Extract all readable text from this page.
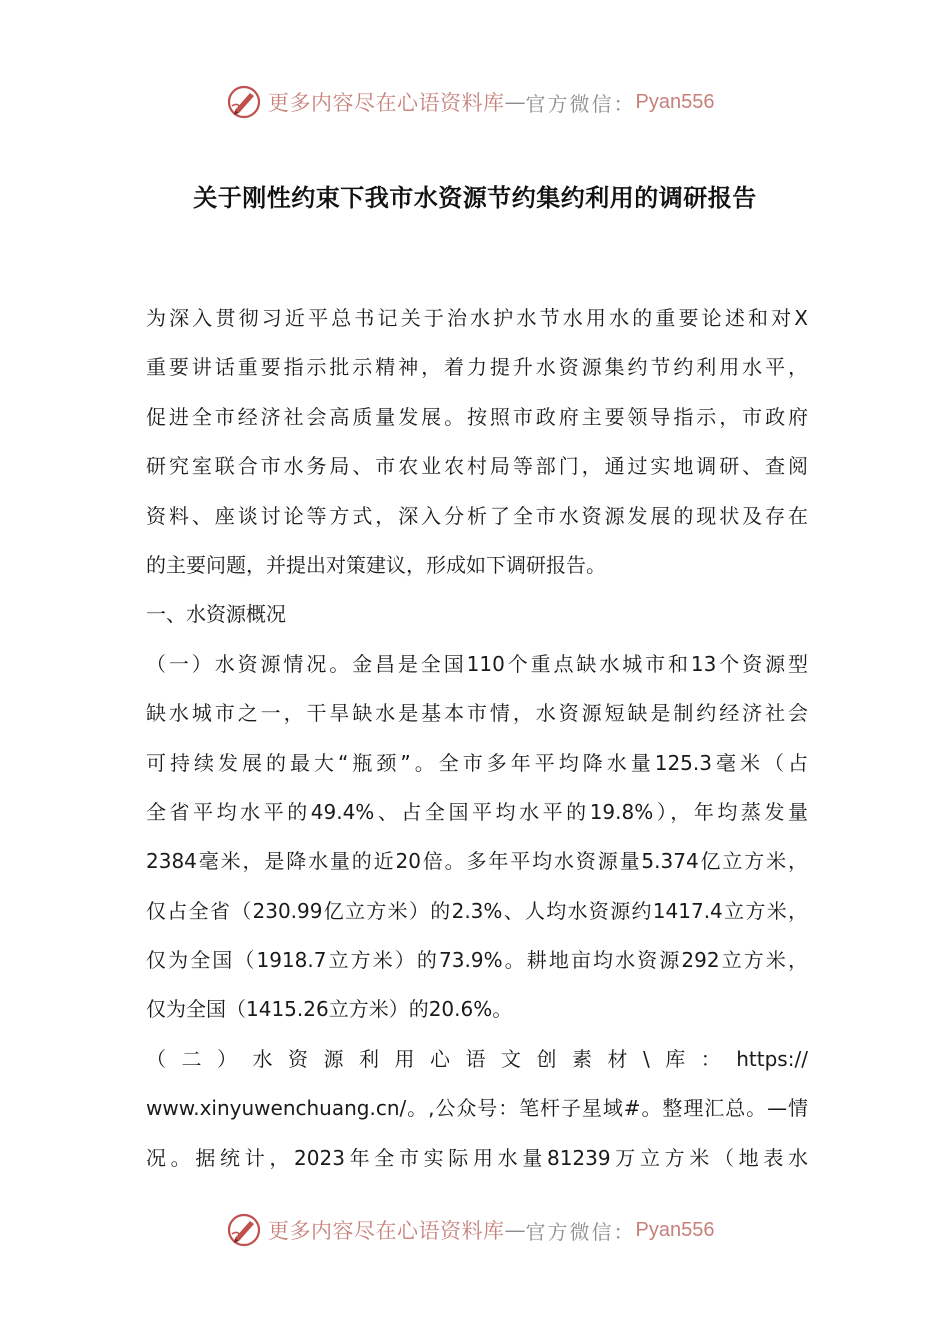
更多内容尽在心语资料库 — 官方微信： Pyan556
关于刚性约束下我市水资源节约集约利用的调研报告
为深入贯彻习近平总书记关于治水护水节水用水的重要论述和对X
重要讲话重要指示批示精神，着力提升水资源集约节约利用水平，
促进全市经济社会高质量发展。按照市政府主要领导指示，市政府
研究室联合市水务局、市农业农村局等部门，通过实地调研、查阅
资料、座谈讨论等方式，深入分析了全市水资源发展的现状及存在
的主要问题，并提出对策建议，形成如下调研报告。
一、水资源概况
（一）水资源情况。金昌是全国110个重点缺水城市和13个资源型
缺水城市之一，干旱缺水是基本市情，水资源短缺是制约经济社会
可持续发展的最大“瓶颈”。全市多年平均降水量125.3毫米（占
全省平均水平的49.4%、占全国平均水平的19.8%），年均蒸发量
2384毫米，是降水量的近20倍。多年平均水资源量5.374亿立方米，
仅占全省（230.99亿立方米）的2.3%、人均水资源约1417.4立方米，
仅为全国（1918.7立方米）的73.9%。耕地亩均水资源292立方米，
仅为全国（1415.26立方米）的20.6%。
（ 二 ） 水 资 源 利 用 心 语 文 创 素 材 \ 库 ： https://
www.xinyuwenchuang.cn/。,公众号：笔杆子星域#。整理汇总。—情
况。据统计，2023年全市实际用水量81239万立方米（地表水
更多内容尽在心语资料库 — 官方微信： Pyan556
